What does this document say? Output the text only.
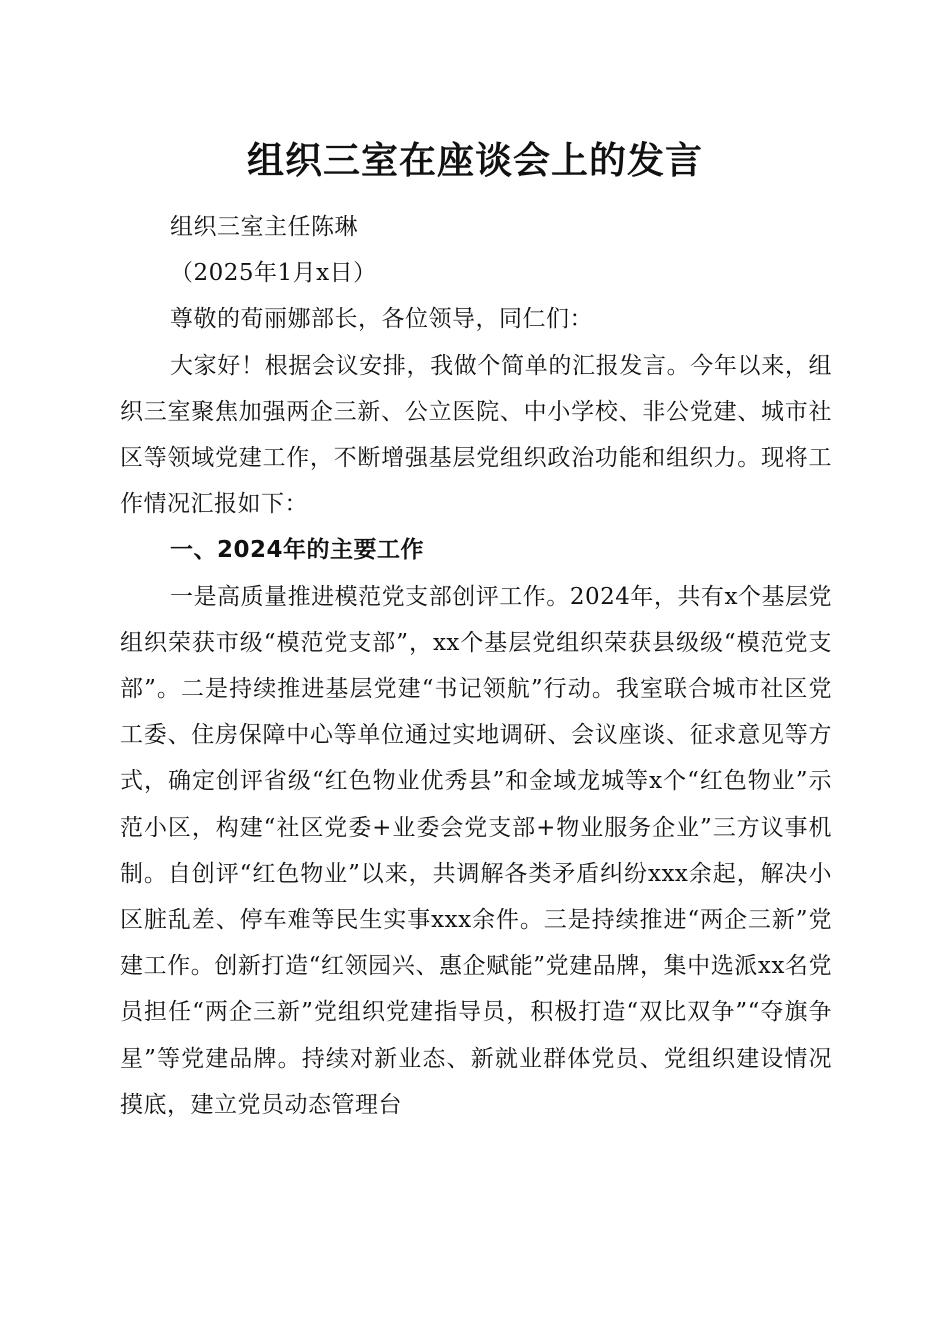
组织三室在座谈会上的发言

组织三室主任陈琳

（2025年1月x日）

尊敬的荀丽娜部长，各位领导，同仁们：

大家好！根据会议安排，我做个简单的汇报发言。今年以来，组织三室聚焦加强两企三新、公立医院、中小学校、非公党建、城市社区等领域党建工作，不断增强基层党组织政治功能和组织力。现将工作情况汇报如下：

一、2024年的主要工作

一是高质量推进模范党支部创评工作。2024年，共有x个基层党组织荣获市级“模范党支部”，xx个基层党组织荣获县级级“模范党支部”。二是持续推进基层党建“书记领航”行动。我室联合城市社区党工委、住房保障中心等单位通过实地调研、会议座谈、征求意见等方式，确定创评省级“红色物业优秀县”和金域龙城等x个“红色物业”示范小区，构建“社区党委+业委会党支部+物业服务企业”三方议事机制。自创评“红色物业”以来，共调解各类矛盾纠纷xxx余起，解决小区脏乱差、停车难等民生实事xxx余件。三是持续推进“两企三新”党建工作。创新打造“红领园兴、惠企赋能”党建品牌，集中选派xx名党员担任“两企三新”党组织党建指导员，积极打造“双比双争”“夺旗争星”等党建品牌。持续对新业态、新就业群体党员、党组织建设情况摸底，建立党员动态管理台
